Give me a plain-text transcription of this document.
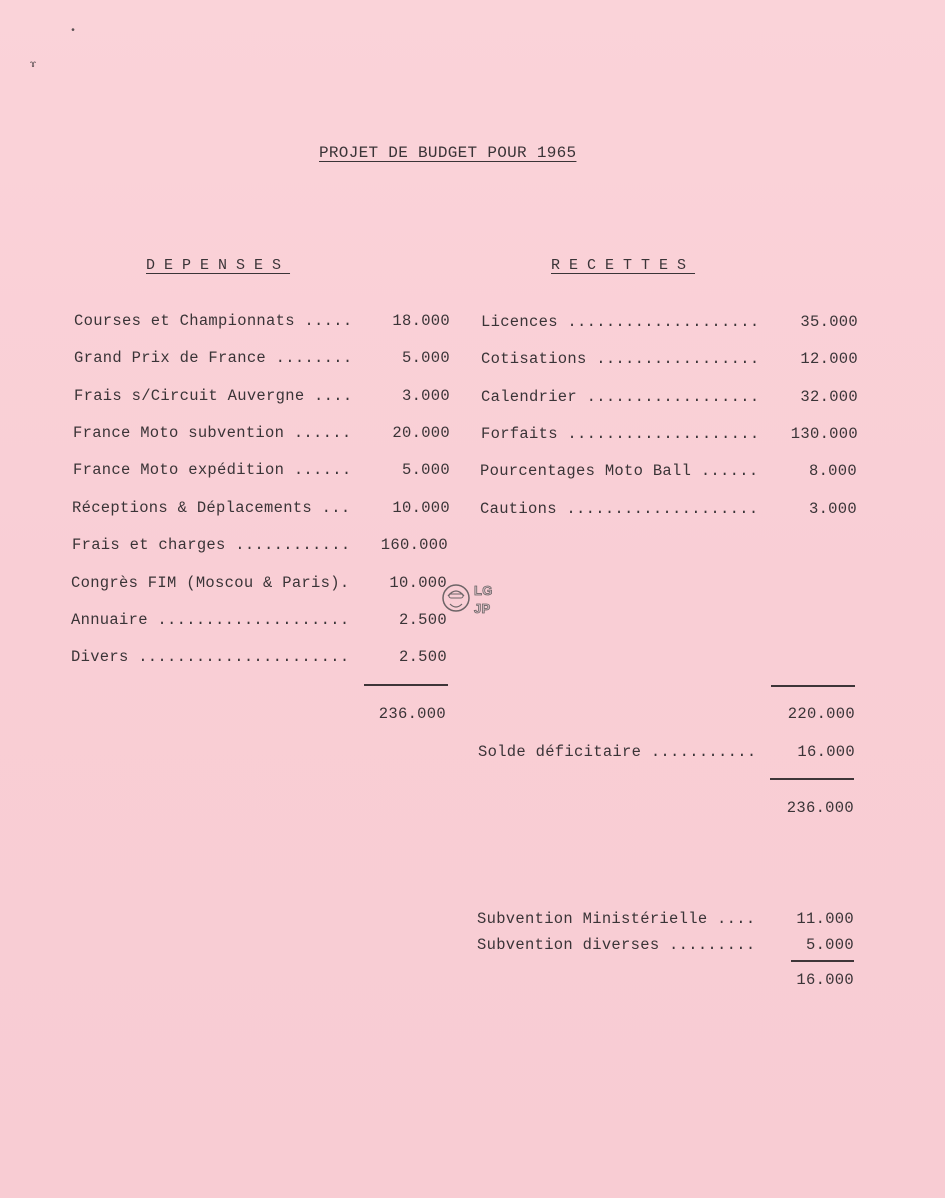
•
ɤ
PROJET DE BUDGET POUR 1965
DEPENSES	RECETTES
Courses et Championnats .....	18.000
Grand Prix de France ........	5.000
Frais s/Circuit Auvergne ....	3.000
France Moto subvention ......	20.000
France Moto expédition ......	5.000
Réceptions & Déplacements ...	10.000
Frais et charges ............	160.000
Congrès FIM (Moscou & Paris).	10.000
Annuaire ....................	2.500
Divers ......................	2.500
236.000
Licences ....................	35.000
Cotisations .................	12.000
Calendrier ..................	32.000
Forfaits ....................	130.000
Pourcentages Moto Ball ......	8.000
Cautions ....................	3.000
220.000
Solde déficitaire ...........	16.000
236.000
Subvention Ministérielle ....	11.000
Subvention diverses .........	5.000
16.000
LG
JP
